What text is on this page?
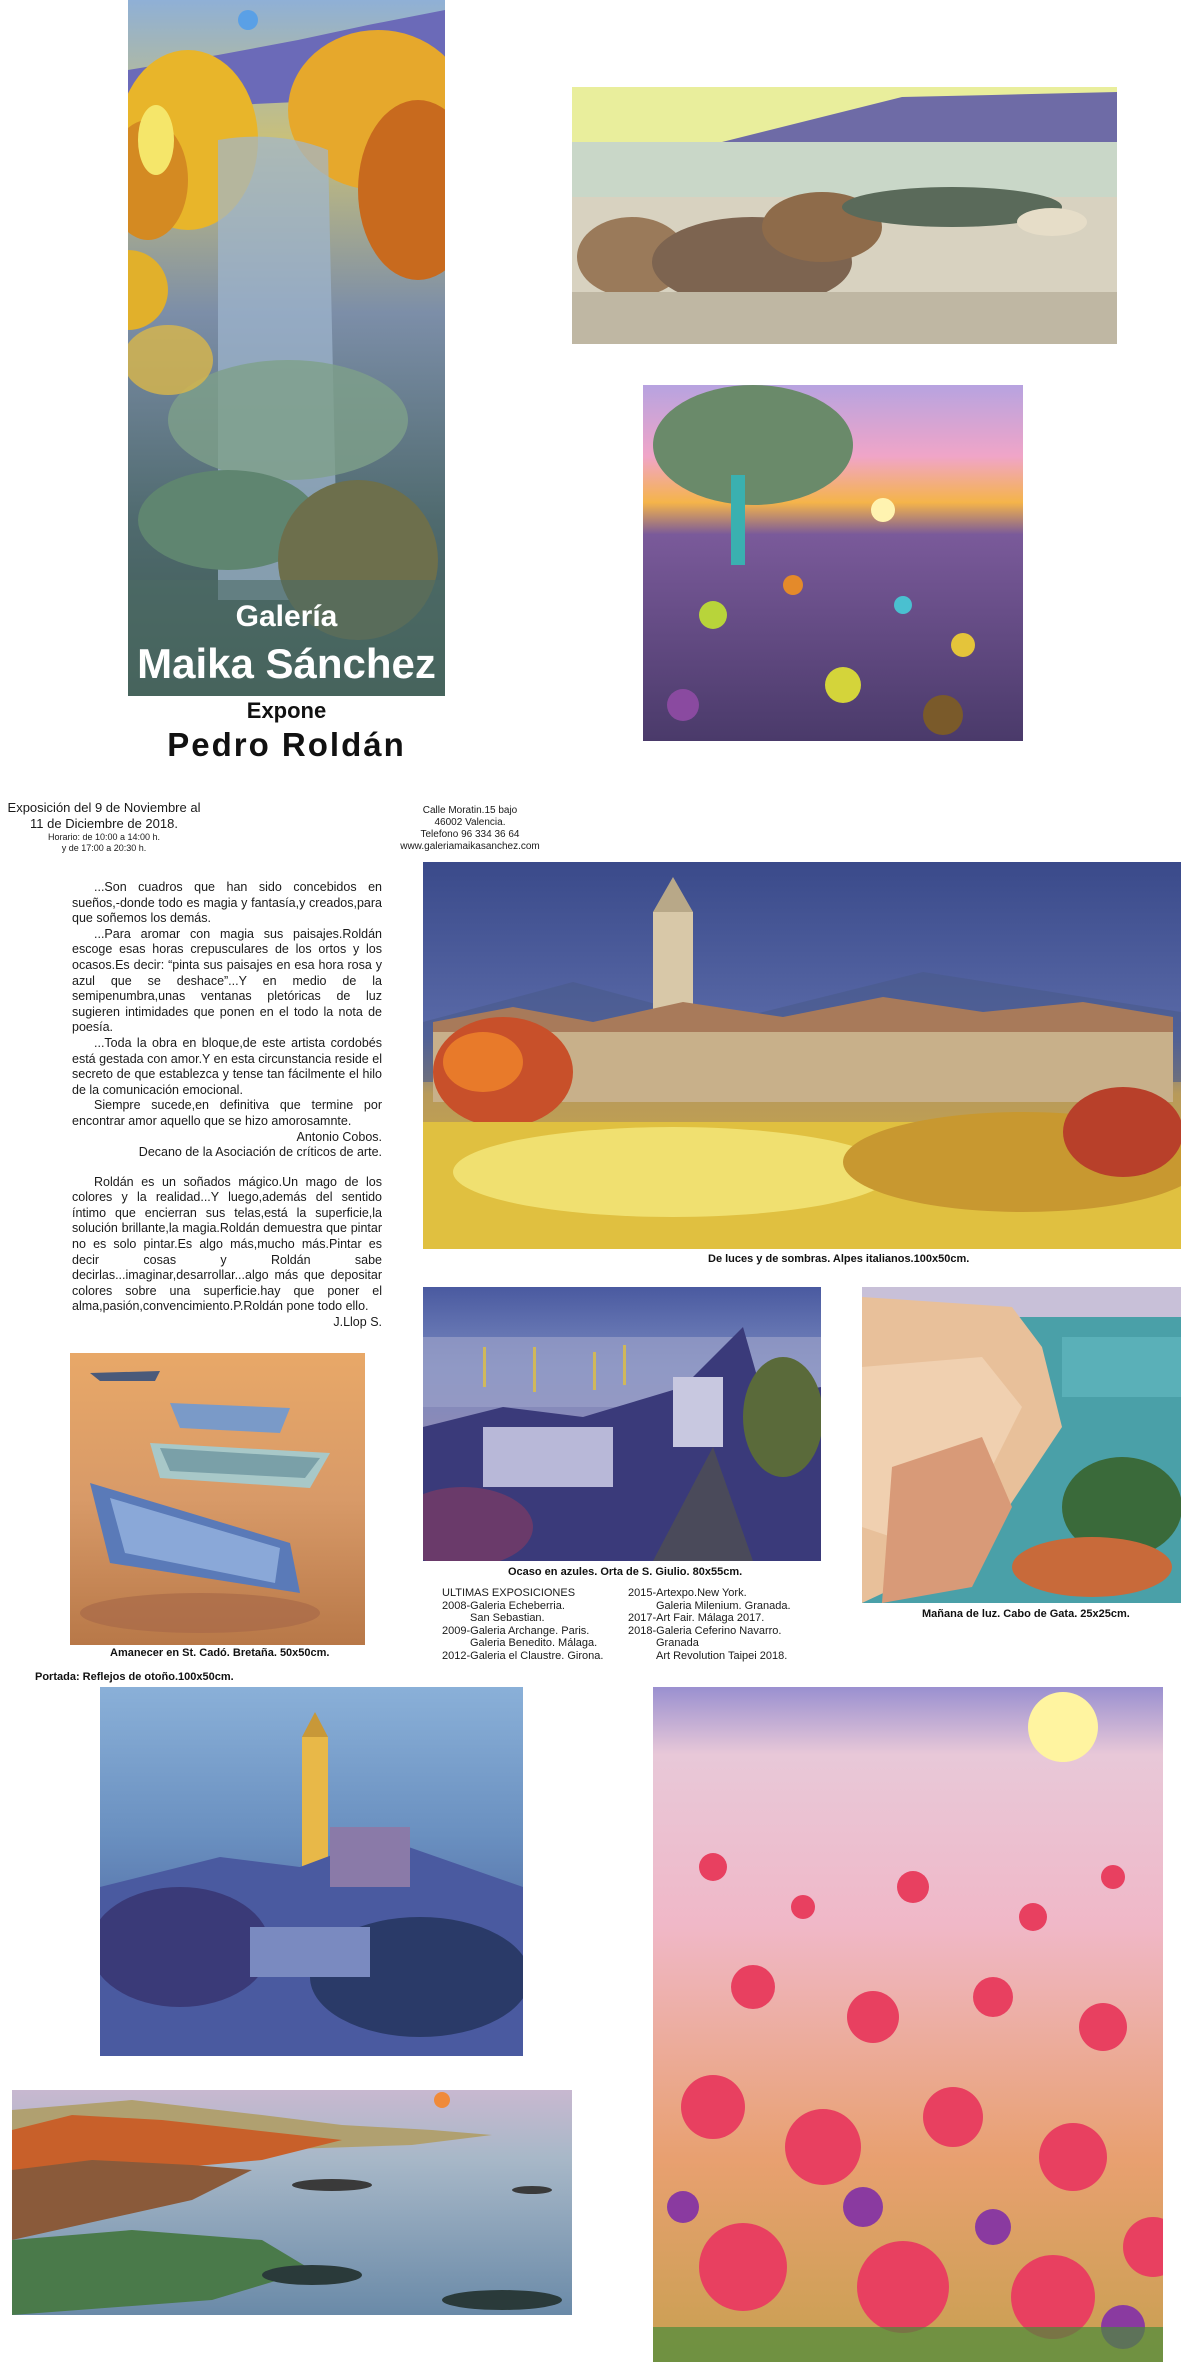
Galería
Maika Sánchez
Expone
Pedro Roldán
Exposición del 9 de Noviembre al
11 de Diciembre de 2018.
Horario: de 10:00 a 14:00 h.
y de 17:00 a 20:30 h.
Calle Moratin.15 bajo
46002 Valencia.
Telefono 96 334 36 64
www.galeriamaikasanchez.com

...Son cuadros que han sido concebidos en sueños,-donde todo es magia y fantasía,y creados,para que soñemos los demás.

...Para aromar con magia sus paisajes.Roldán escoge esas horas crepusculares de los ortos y los ocasos.Es decir: “pinta sus paisajes en esa hora rosa y azul que se deshace”...Y en medio de la semipenumbra,unas ventanas pletóricas de luz sugieren intimidades que ponen en el todo la nota de poesía.

...Toda la obra en bloque,de este artista cordobés está gestada con amor.Y en esta circunstancia reside el secreto de que establezca y tense tan fácilmente el hilo de la comunicación emocional.

Siempre sucede,en definitiva que termine por encontrar amor aquello que se hizo amorosamnte.

Antonio Cobos.

Decano de la Asociación de críticos de arte.

Roldán es un soñados mágico.Un mago de los colores y la realidad...Y luego,además del sentido íntimo que encierran sus telas,está la superficie,la solución brillante,la magia.Roldán demuestra que pintar no es solo pintar.Es algo más,mucho más.Pintar es decir cosas y Roldán sabe decirlas...imaginar,desarrollar...algo más que depositar colores sobre una superficie.hay que poner el alma,pasión,convencimiento.P.Roldán pone todo ello.

J.Llop S.

De luces y de sombras. Alpes italianos.100x50cm.
Ocaso en azules. Orta de S. Giulio. 80x55cm.
Mañana de luz. Cabo de Gata. 25x25cm.
Amanecer en St. Cadó. Bretaña. 50x50cm.
Portada: Reflejos de otoño.100x50cm.
ULTIMAS EXPOSICIONES
2008-Galeria Echeberria.
San Sebastian.
2009-Galeria Archange. Paris.
Galeria Benedito. Málaga.
2012-Galeria el Claustre. Girona.
2015-Artexpo.New York.
Galeria Milenium. Granada.
2017-Art Fair. Málaga 2017.
2018-Galeria Ceferino Navarro.
Granada
Art Revolution Taipei 2018.
